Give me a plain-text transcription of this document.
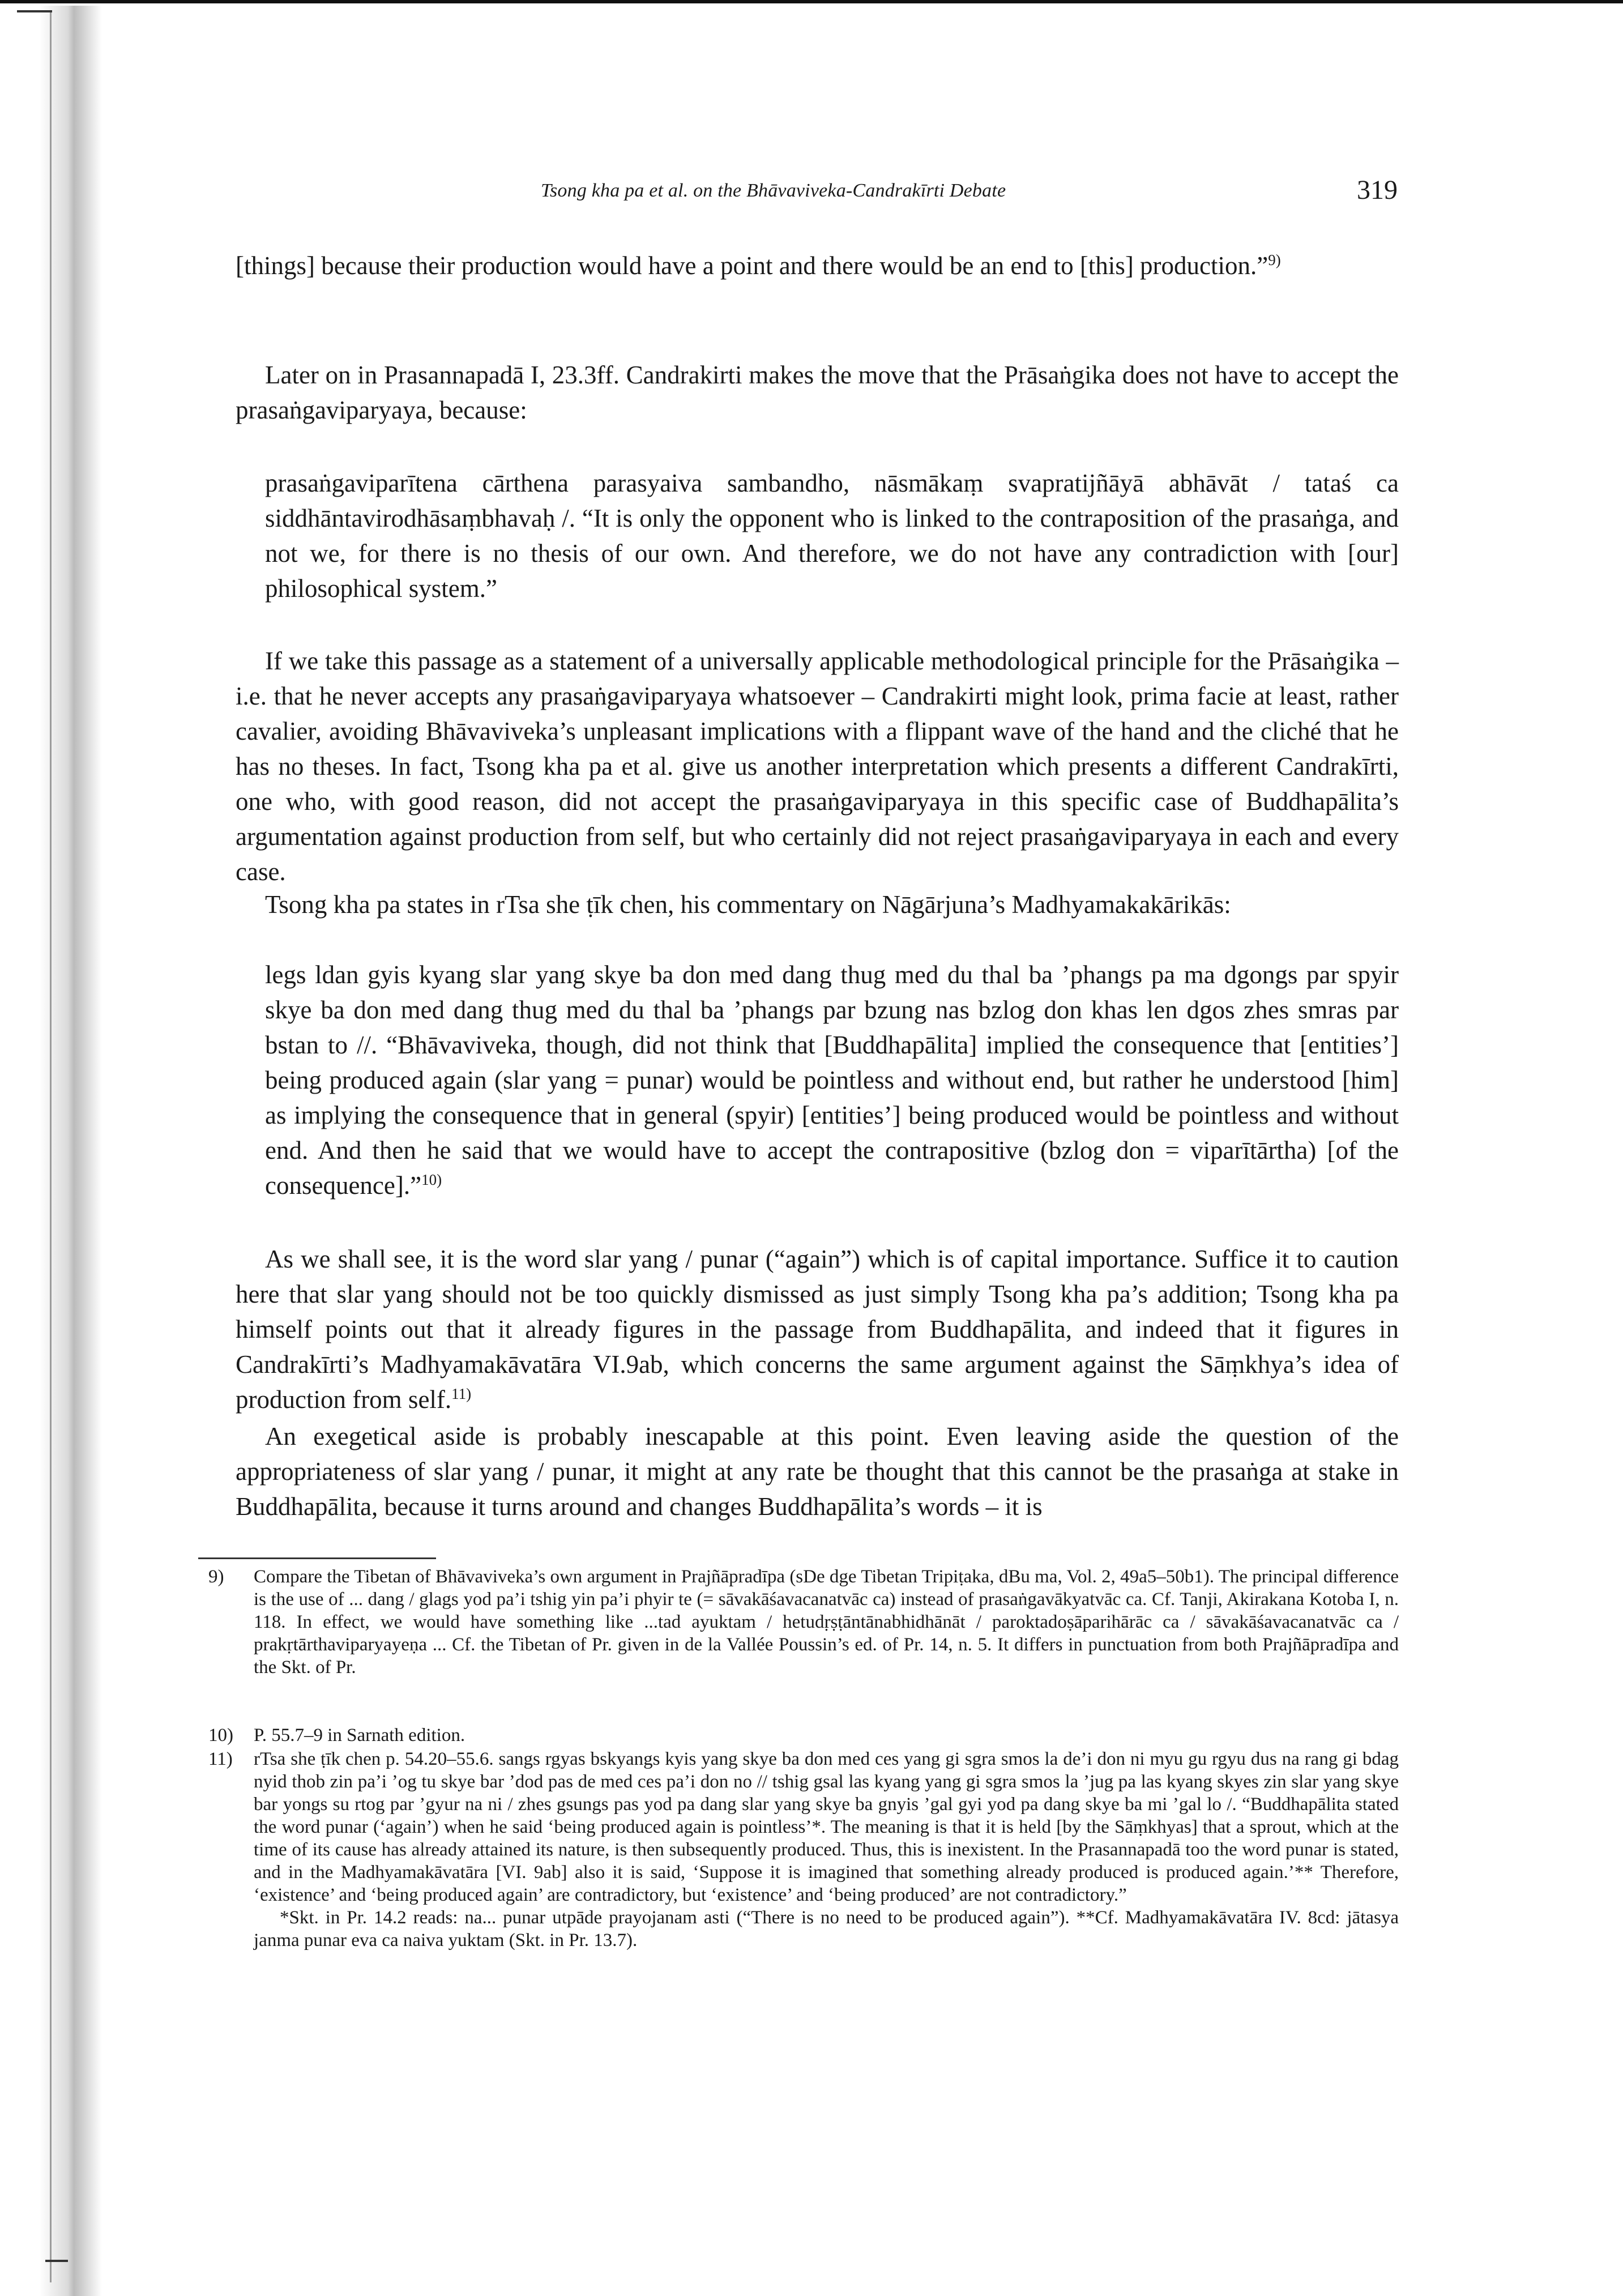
Tsong kha pa et al. on the Bhāvaviveka-Candrakīrti Debate	319
[things] because their production would have a point and there would be an end to [this] production.”$^{9)}$
Later on in Prasannapadā I, 23.3ff. Candrakirti makes the move that the Prāsaṅgika does not have to accept the prasaṅgaviparyaya, because:
prasaṅgaviparītena cārthena parasyaiva sambandho, nāsmākaṃ svapratijñāyā abhāvāt / tataś ca siddhāntavirodhāsaṃbhavaḥ /. “It is only the opponent who is linked to the contraposition of the prasaṅga, and not we, for there is no thesis of our own. And therefore, we do not have any contradiction with [our] philosophical system.”
If we take this passage as a statement of a universally applicable methodological principle for the Prāsaṅgika – i.e. that he never accepts any prasaṅgaviparyaya whatsoever – Candrakirti might look, prima facie at least, rather cavalier, avoiding Bhāvaviveka’s unpleasant implications with a flippant wave of the hand and the cliché that he has no theses. In fact, Tsong kha pa et al. give us another interpretation which presents a different Candrakīrti, one who, with good reason, did not accept the prasaṅgaviparyaya in this specific case of Buddhapālita’s argumentation against production from self, but who certainly did not reject prasaṅgaviparyaya in each and every case.
Tsong kha pa states in rTsa she ṭīk chen, his commentary on Nāgārjuna’s Madhyamakakārikās:
legs ldan gyis kyang slar yang skye ba don med dang thug med du thal ba ’phangs pa ma dgongs par spyir skye ba don med dang thug med du thal ba ’phangs par bzung nas bzlog don khas len dgos zhes smras par bstan to //. “Bhāvaviveka, though, did not think that [Buddhapālita] implied the consequence that [entities’] being produced again (slar yang = punar) would be pointless and without end, but rather he understood [him] as implying the consequence that in general (spyir) [entities’] being produced would be pointless and without end. And then he said that we would have to accept the contrapositive (bzlog don = viparītārtha) [of the consequence].”$^{10)}$
As we shall see, it is the word slar yang / punar (“again”) which is of capital importance. Suffice it to caution here that slar yang should not be too quickly dismissed as just simply Tsong kha pa’s addition; Tsong kha pa himself points out that it already figures in the passage from Buddhapālita, and indeed that it figures in Candrakīrti’s Madhyamakāvatāra VI.9ab, which concerns the same argument against the Sāṃkhya’s idea of production from self.$^{11)}$
An exegetical aside is probably inescapable at this point. Even leaving aside the question of the appropriateness of slar yang / punar, it might at any rate be thought that this cannot be the prasaṅga at stake in Buddhapālita, because it turns around and changes Buddhapālita’s words – it is
9)	Compare the Tibetan of Bhāvaviveka’s own argument in Prajñāpradīpa (sDe dge Tibetan Tripiṭaka, dBu ma, Vol. 2, 49a5–50b1). The principal difference is the use of ... dang / glags yod pa’i tshig yin pa’i phyir te (= sāvakāśavacanatvāc ca) instead of prasaṅgavākyatvāc ca. Cf. Tanji, Akirakana Kotoba I, n. 118. In effect, we would have something like ...tad ayuktam / hetudṛṣṭāntānabhidhānāt / paroktadoṣāparihārāc ca / sāvakāśavacanatvāc ca / prakṛtārthaviparyayeṇa ... Cf. the Tibetan of Pr. given in de la Vallée Poussin’s ed. of Pr. 14, n. 5. It differs in punctuation from both Prajñāpradīpa and the Skt. of Pr.
10)	P. 55.7–9 in Sarnath edition.
11)	rTsa she ṭīk chen p. 54.20–55.6. sangs rgyas bskyangs kyis yang skye ba don med ces yang gi sgra smos la de’i don ni myu gu rgyu dus na rang gi bdag nyid thob zin pa’i ’og tu skye bar ’dod pas de med ces pa’i don no // tshig gsal las kyang yang gi sgra smos la ’jug pa las kyang skyes zin slar yang skye bar yongs su rtog par ’gyur na ni / zhes gsungs pas yod pa dang slar yang skye ba gnyis ’gal gyi yod pa dang skye ba mi ’gal lo /. “Buddhapālita stated the word punar (‘again’) when he said ‘being produced again is pointless’*. The meaning is that it is held [by the Sāṃkhyas] that a sprout, which at the time of its cause has already attained its nature, is then subsequently produced. Thus, this is inexistent. In the Prasannapadā too the word punar is stated, and in the Madhyamakāvatāra [VI. 9ab] also it is said, ‘Suppose it is imagined that something already produced is produced again.’** Therefore, ‘existence’ and ‘being produced again’ are contradictory, but ‘existence’ and ‘being produced’ are not contradictory.”
*Skt. in Pr. 14.2 reads: na... punar utpāde prayojanam asti (“There is no need to be produced again”). **Cf. Madhyamakāvatāra IV. 8cd: jātasya janma punar eva ca naiva yuktam (Skt. in Pr. 13.7).
